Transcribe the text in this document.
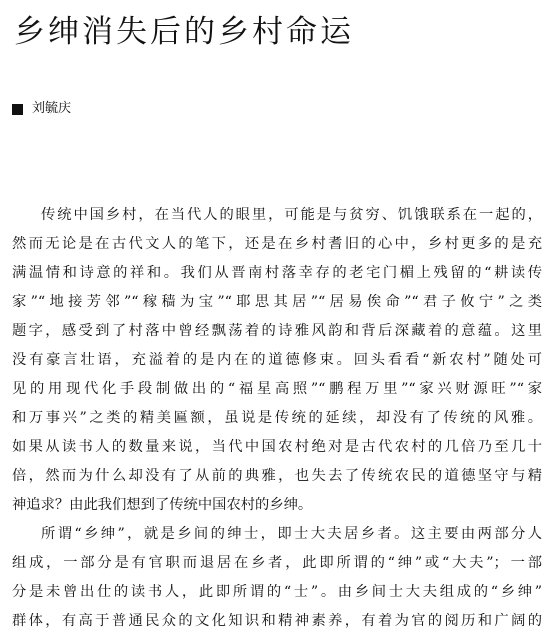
乡绅消失后的乡村命运
刘毓庆
传统中国乡村，在当代人的眼里，可能是与贫穷、饥饿联系在一起的，
然而无论是在古代文人的笔下，还是在乡村耆旧的心中，乡村更多的是充
满温情和诗意的祥和。我们从晋南村落幸存的老宅门楣上残留的“耕读传
家”“地接芳邻”“稼穑为宝”“耶思其居”“居易俟命”“君子攸宁”之类
题字，感受到了村落中曾经飘荡着的诗雅风韵和背后深藏着的意蕴。这里
没有豪言壮语，充溢着的是内在的道德修束。回头看看“新农村”随处可
见的用现代化手段制做出的“福星高照”“鹏程万里”“家兴财源旺”“家
和万事兴”之类的精美匾额，虽说是传统的延续，却没有了传统的风雅。
如果从读书人的数量来说，当代中国农村绝对是古代农村的几倍乃至几十
倍，然而为什么却没有了从前的典雅，也失去了传统农民的道德坚守与精
神追求？由此我们想到了传统中国农村的乡绅。
所谓“乡绅”，就是乡间的绅士，即士大夫居乡者。这主要由两部分人
组成，一部分是有官职而退居在乡者，此即所谓的“绅”或“大夫”；一部
分是未曾出仕的读书人，此即所谓的“士”。由乡间士大夫组成的“乡绅”
群体，有高于普通民众的文化知识和精神素养，有着为官的阅历和广阔的
